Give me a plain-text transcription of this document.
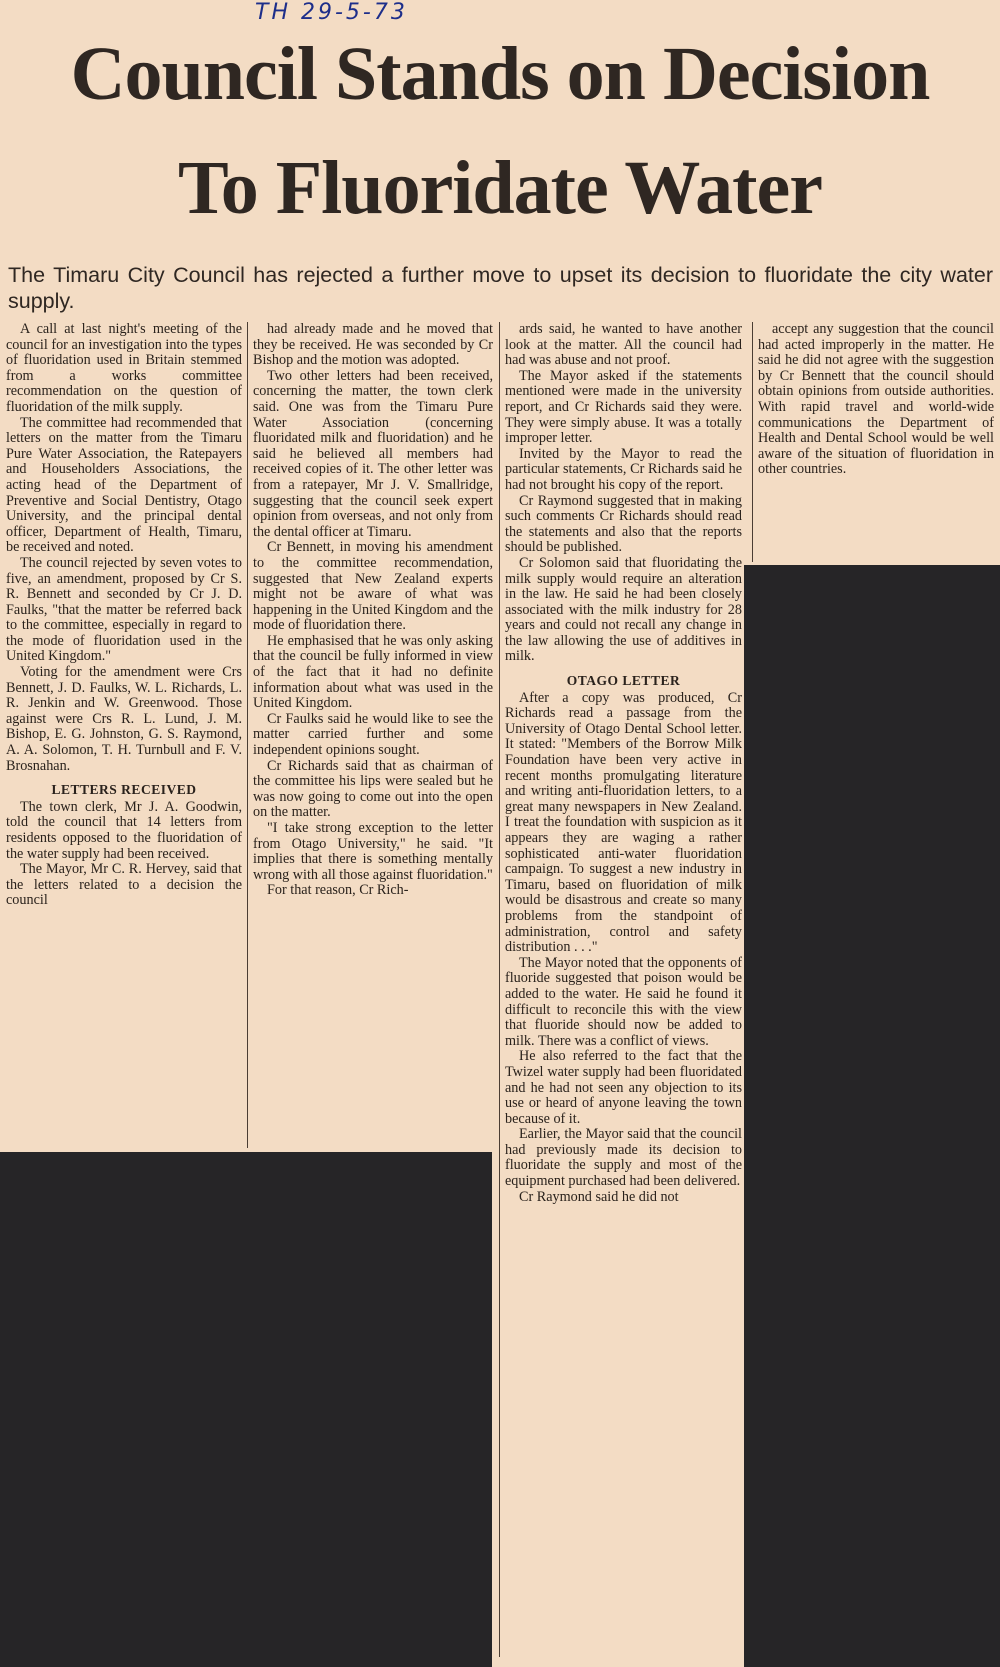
TH 29-5-73
Council Stands on Decision
To Fluoridate Water
The Timaru City Council has rejected a further move to upset its decision to fluoridate the city water supply.

A call at last night's meeting of the council for an investigation into the types of fluoridation used in Britain stemmed from a works committee recommendation on the question of fluoridation of the milk supply.

The committee had recommended that letters on the matter from the Timaru Pure Water Association, the Ratepayers and Householders Associations, the acting head of the Department of Preventive and Social Dentistry, Otago University, and the principal dental officer, Department of Health, Timaru, be received and noted.

The council rejected by seven votes to five, an amendment, proposed by Cr S. R. Bennett and seconded by Cr J. D. Faulks, "that the matter be referred back to the committee, especially in regard to the mode of fluoridation used in the United Kingdom."

Voting for the amendment were Crs Bennett, J. D. Faulks, W. L. Richards, L. R. Jenkin and W. Greenwood. Those against were Crs R. L. Lund, J. M. Bishop, E. G. Johnston, G. S. Raymond, A. A. Solomon, T. H. Turnbull and F. V. Brosnahan.

LETTERS RECEIVED

The town clerk, Mr J. A. Goodwin, told the council that 14 letters from residents opposed to the fluoridation of the water supply had been received.

The Mayor, Mr C. R. Hervey, said that the letters related to a decision the council

had already made and he moved that they be received. He was seconded by Cr Bishop and the motion was adopted.

Two other letters had been received, concerning the matter, the town clerk said. One was from the Timaru Pure Water Association (concerning fluoridated milk and fluoridation) and he said he believed all members had received copies of it. The other letter was from a ratepayer, Mr J. V. Smallridge, suggesting that the council seek expert opinion from overseas, and not only from the dental officer at Timaru.

Cr Bennett, in moving his amendment to the committee recommendation, suggested that New Zealand experts might not be aware of what was happening in the United Kingdom and the mode of fluoridation there.

He emphasised that he was only asking that the council be fully informed in view of the fact that it had no definite information about what was used in the United Kingdom.

Cr Faulks said he would like to see the matter carried further and some independent opinions sought.

Cr Richards said that as chairman of the committee his lips were sealed but he was now going to come out into the open on the matter.

"I take strong exception to the letter from Otago University," he said. "It implies that there is something mentally wrong with all those against fluoridation."

For that reason, Cr Rich-

ards said, he wanted to have another look at the matter. All the council had had was abuse and not proof.

The Mayor asked if the statements mentioned were made in the university report, and Cr Richards said they were. They were simply abuse. It was a totally improper letter.

Invited by the Mayor to read the particular statements, Cr Richards said he had not brought his copy of the report.

Cr Raymond suggested that in making such comments Cr Richards should read the statements and also that the reports should be published.

Cr Solomon said that fluoridating the milk supply would require an alteration in the law. He said he had been closely associated with the milk industry for 28 years and could not recall any change in the law allowing the use of additives in milk.

OTAGO LETTER

After a copy was produced, Cr Richards read a passage from the University of Otago Dental School letter. It stated: "Members of the Borrow Milk Foundation have been very active in recent months promulgating literature and writing anti-fluoridation letters, to a great many newspapers in New Zealand. I treat the foundation with suspicion as it appears they are waging a rather sophisticated anti-water fluoridation campaign. To suggest a new industry in Timaru, based on fluoridation of milk would be disastrous and create so many problems from the standpoint of administration, control and safety distribution . . ."

The Mayor noted that the opponents of fluoride suggested that poison would be added to the water. He said he found it difficult to reconcile this with the view that fluoride should now be added to milk. There was a conflict of views.

He also referred to the fact that the Twizel water supply had been fluoridated and he had not seen any objection to its use or heard of anyone leaving the town because of it.

Earlier, the Mayor said that the council had previously made its decision to fluoridate the supply and most of the equipment purchased had been delivered.

Cr Raymond said he did not

accept any suggestion that the council had acted improperly in the matter. He said he did not agree with the suggestion by Cr Bennett that the council should obtain opinions from outside authorities. With rapid travel and world-wide communications the Department of Health and Dental School would be well aware of the situation of fluoridation in other countries.
